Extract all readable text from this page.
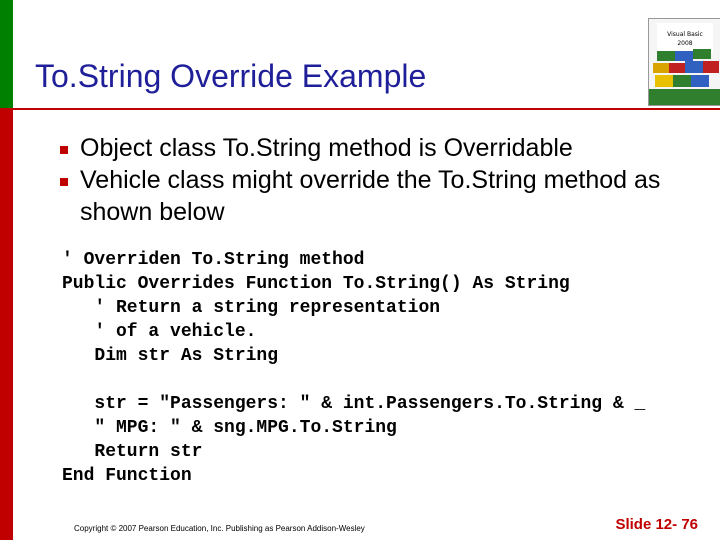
To.String Override Example
Visual Basic
2008
Object class To.String method is Overridable
Vehicle class might override the To.String method as shown below
' Overriden To.String method
Public Overrides Function To.String() As String
' Return a string representation
' of a vehicle.
Dim str As String

str = "Passengers: " & int.Passengers.To.String & _
" MPG: " & sng.MPG.To.String
Return str
End Function
Copyright © 2007 Pearson Education, Inc. Publishing as Pearson Addison-Wesley	Slide 12- 76
